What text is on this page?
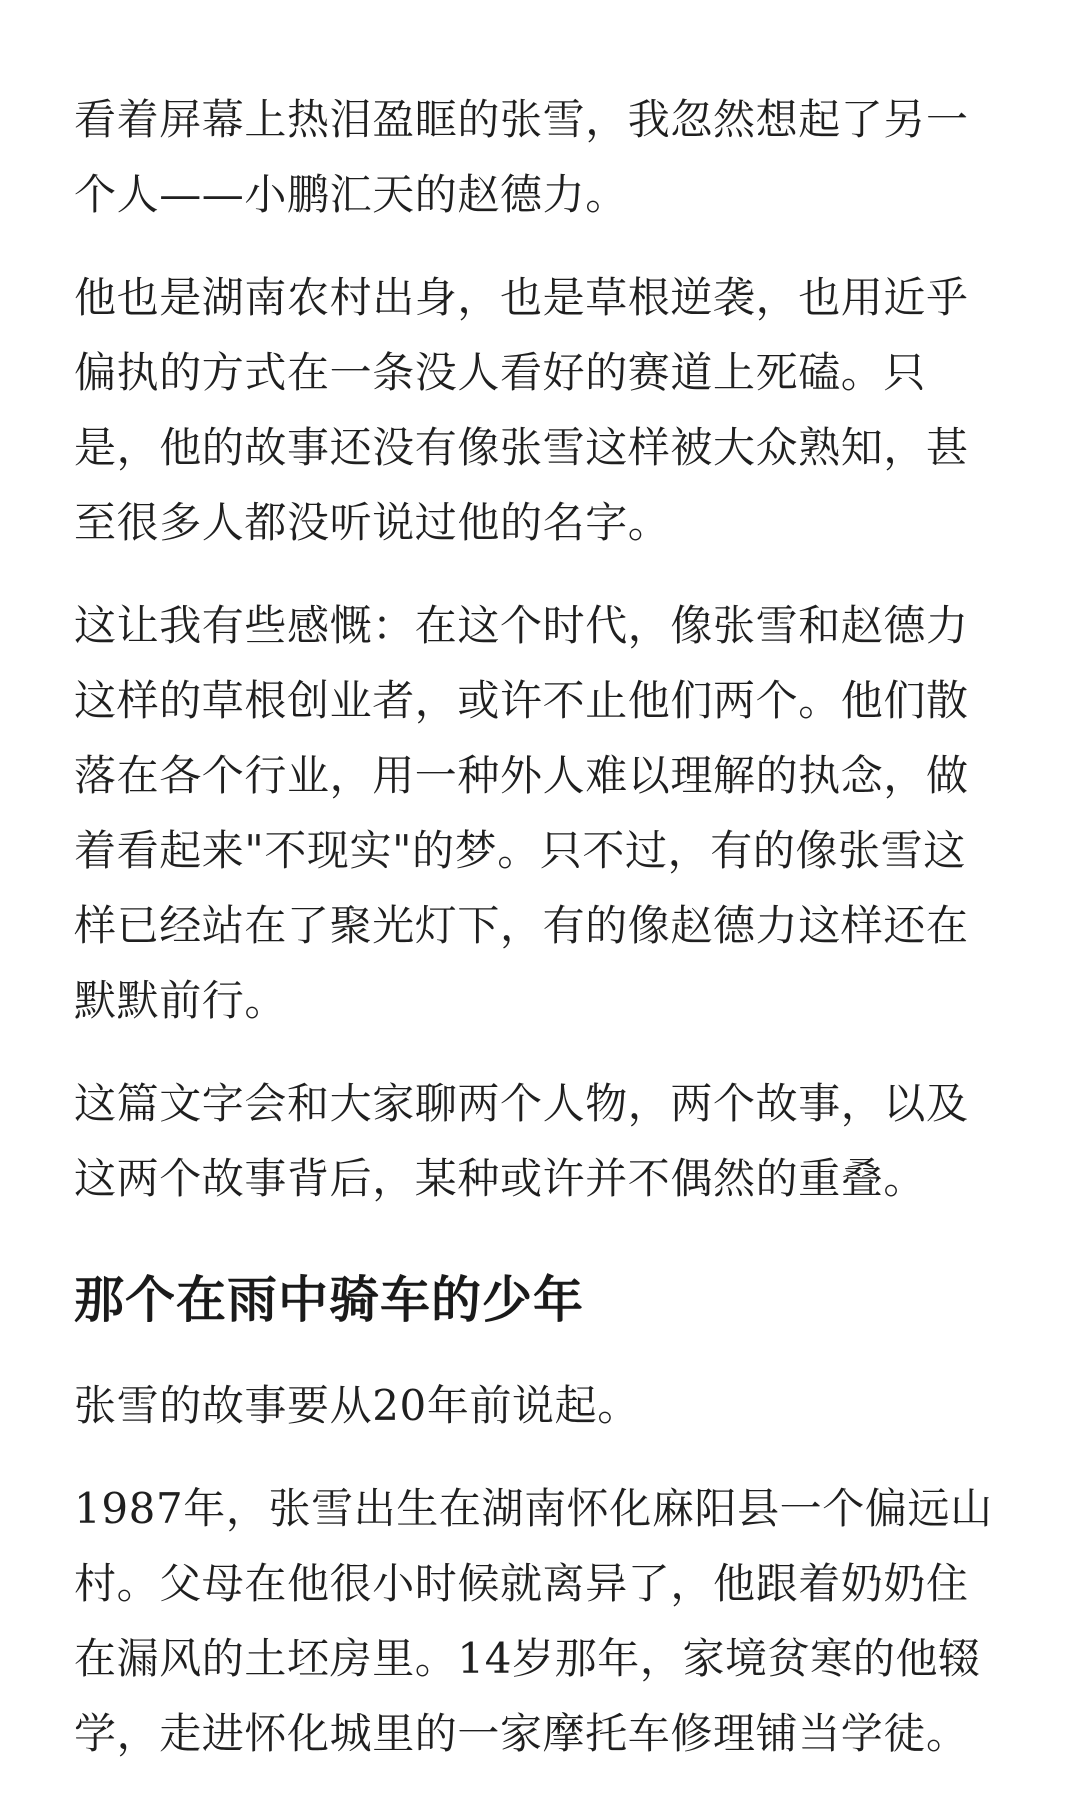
看着屏幕上热泪盈眶的张雪，我忽然想起了另一个人——小鹏汇天的赵德力。

他也是湖南农村出身，也是草根逆袭，也用近乎偏执的方式在一条没人看好的赛道上死磕。只是，他的故事还没有像张雪这样被大众熟知，甚至很多人都没听说过他的名字。

这让我有些感慨：在这个时代，像张雪和赵德力这样的草根创业者，或许不止他们两个。他们散落在各个行业，用一种外人难以理解的执念，做着看起来"不现实"的梦。只不过，有的像张雪这样已经站在了聚光灯下，有的像赵德力这样还在默默前行。

这篇文字会和大家聊两个人物，两个故事，以及这两个故事背后，某种或许并不偶然的重叠。

那个在雨中骑车的少年

张雪的故事要从20年前说起。

1987年，张雪出生在湖南怀化麻阳县一个偏远山村。父母在他很小时候就离异了，他跟着奶奶住在漏风的土坯房里。14岁那年，家境贫寒的他辍学，走进怀化城里的一家摩托车修理铺当学徒。
